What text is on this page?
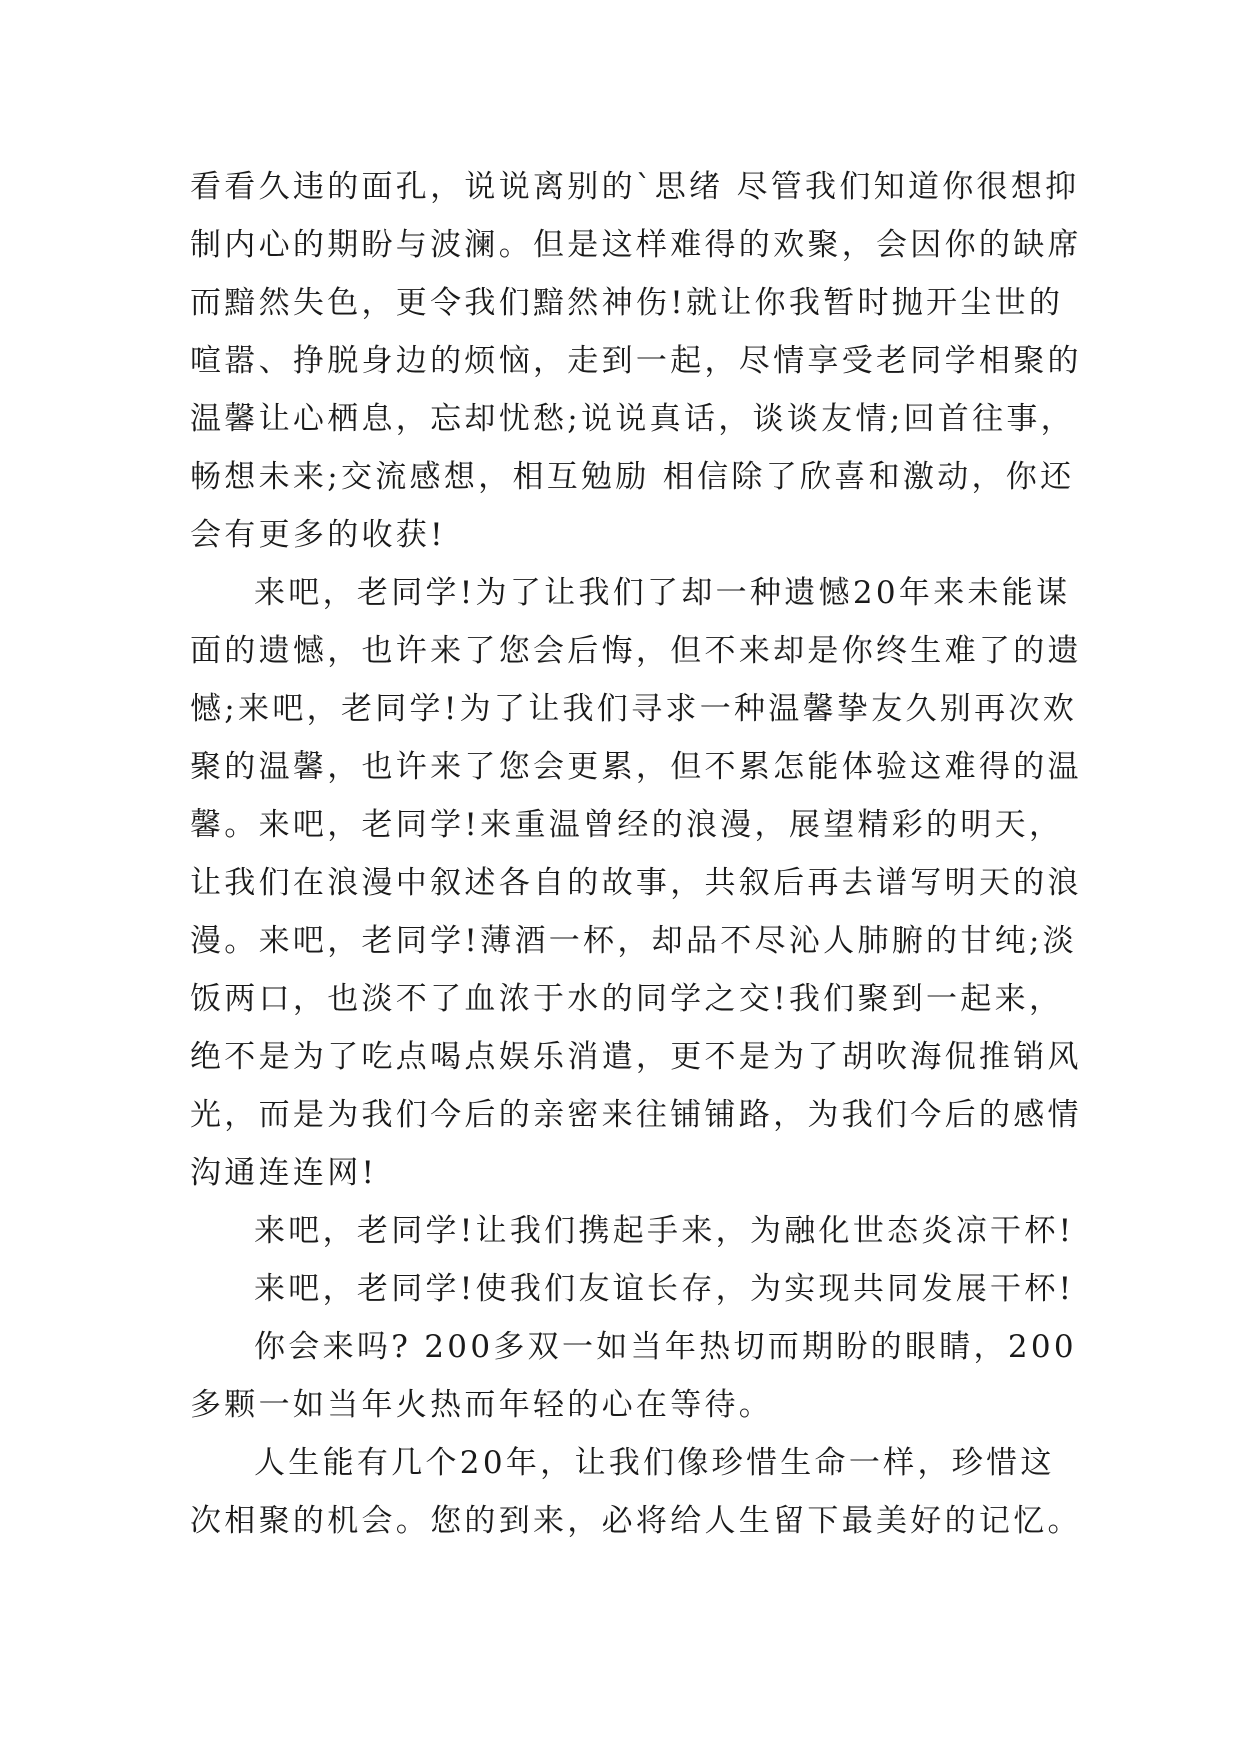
看看久违的面孔，说说离别的`思绪 尽管我们知道你很想抑
制内心的期盼与波澜。但是这样难得的欢聚，会因你的缺席
而黯然失色，更令我们黯然神伤!就让你我暂时抛开尘世的
喧嚣、挣脱身边的烦恼，走到一起，尽情享受老同学相聚的
温馨让心栖息，忘却忧愁;说说真话，谈谈友情;回首往事，
畅想未来;交流感想，相互勉励 相信除了欣喜和激动，你还
会有更多的收获!
来吧，老同学!为了让我们了却一种遗憾20年来未能谋
面的遗憾，也许来了您会后悔，但不来却是你终生难了的遗
憾;来吧，老同学!为了让我们寻求一种温馨挚友久别再次欢
聚的温馨，也许来了您会更累，但不累怎能体验这难得的温
馨。来吧，老同学!来重温曾经的浪漫，展望精彩的明天，
让我们在浪漫中叙述各自的故事，共叙后再去谱写明天的浪
漫。来吧，老同学!薄酒一杯，却品不尽沁人肺腑的甘纯;淡
饭两口，也淡不了血浓于水的同学之交!我们聚到一起来，
绝不是为了吃点喝点娱乐消遣，更不是为了胡吹海侃推销风
光，而是为我们今后的亲密来往铺铺路，为我们今后的感情
沟通连连网!
来吧，老同学!让我们携起手来，为融化世态炎凉干杯!
来吧，老同学!使我们友谊长存，为实现共同发展干杯!
你会来吗? 200多双一如当年热切而期盼的眼睛，200
多颗一如当年火热而年轻的心在等待。
人生能有几个20年，让我们像珍惜生命一样，珍惜这
次相聚的机会。您的到来，必将给人生留下最美好的记忆。
